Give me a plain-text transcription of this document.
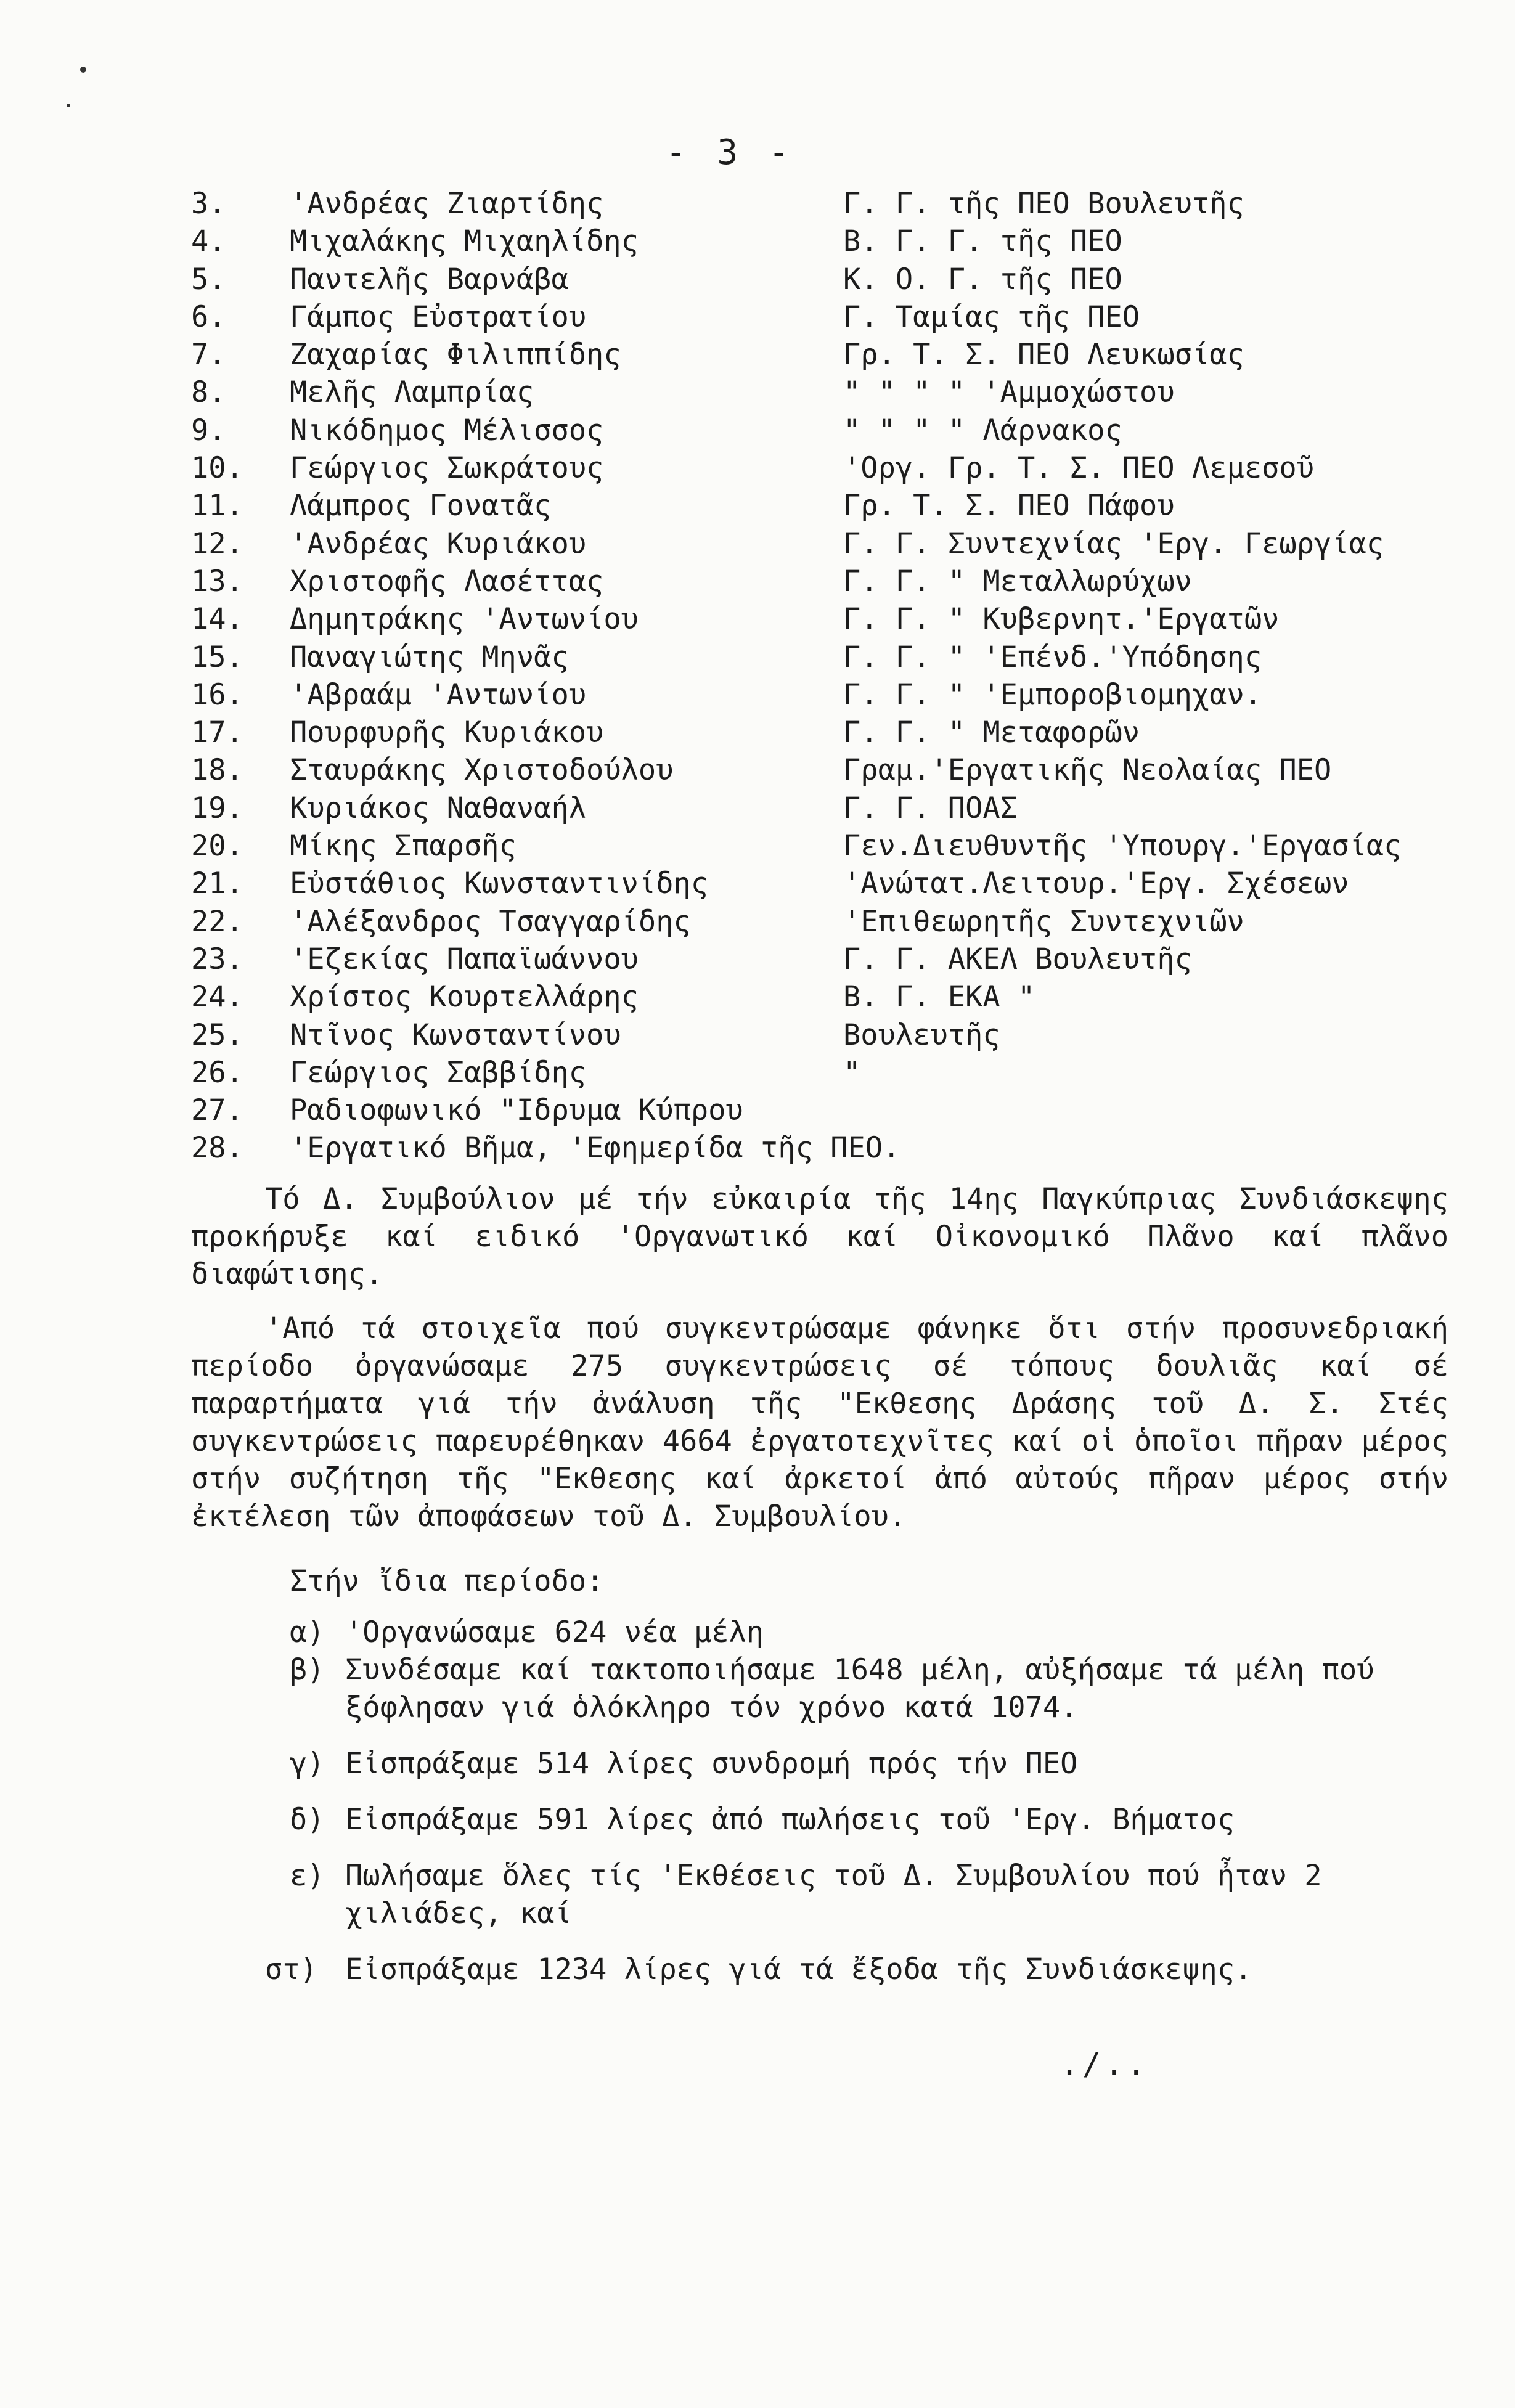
- 3 -
3.	'Ανδρέας Ζιαρτίδης	Γ. Γ. τῆς ΠΕΟ Βουλευτῆς
4.	Μιχαλάκης Μιχαηλίδης	Β. Γ. Γ. τῆς ΠΕΟ
5.	Παντελῆς Βαρνάβα	Κ. Ο. Γ. τῆς ΠΕΟ
6.	Γάμπος Εὐστρατίου	Γ. Ταμίας τῆς ΠΕΟ
7.	Ζαχαρίας Φιλιππίδης	Γρ. Τ. Σ. ΠΕΟ Λευκωσίας
8.	Μελῆς Λαμπρίας	" " " " 'Αμμοχώστου
9.	Νικόδημος Μέλισσος	" " " " Λάρνακος
10.	Γεώργιος Σωκράτους	'Οργ. Γρ. Τ. Σ. ΠΕΟ Λεμεσοῦ
11.	Λάμπρος Γονατᾶς	Γρ. Τ. Σ. ΠΕΟ Πάφου
12.	'Ανδρέας Κυριάκου	Γ. Γ. Συντεχνίας 'Εργ. Γεωργίας
13.	Χριστοφῆς Λασέττας	Γ. Γ. " Μεταλλωρύχων
14.	Δημητράκης 'Αντωνίου	Γ. Γ. " Κυβερνητ.'Εργατῶν
15.	Παναγιώτης Μηνᾶς	Γ. Γ. " 'Επένδ.'Υπόδησης
16.	'Αβραάμ 'Αντωνίου	Γ. Γ. " 'Εμποροβιομηχαν.
17.	Πουρφυρῆς Κυριάκου	Γ. Γ. " Μεταφορῶν
18.	Σταυράκης Χριστοδούλου	Γραμ.'Εργατικῆς Νεολαίας ΠΕΟ
19.	Κυριάκος Ναθαναήλ	Γ. Γ. ΠΟΑΣ
20.	Μίκης Σπαρσῆς	Γεν.Διευθυντῆς 'Υπουργ.'Εργασίας
21.	Εὐστάθιος Κωνσταντινίδης	'Ανώτατ.Λειτουρ.'Εργ. Σχέσεων
22.	'Αλέξανδρος Τσαγγαρίδης	'Επιθεωρητῆς Συντεχνιῶν
23.	'Εζεκίας Παπαϊωάννου	Γ. Γ. ΑΚΕΛ Βουλευτῆς
24.	Χρίστος Κουρτελλάρης	Β. Γ. ΕΚΑ "
25.	Ντῖνος Κωνσταντίνου	Βουλευτῆς
26.	Γεώργιος Σαββίδης	"
27.	Ραδιοφωνικό "Ιδρυμα Κύπρου
28.	'Εργατικό Βῆμα, 'Εφημερίδα τῆς ΠΕΟ.

Τό Δ. Συμβούλιον μέ τήν εὐκαιρία τῆς 14ης Παγκύπριας Συνδιάσκεψης προκήρυξε καί ειδικό 'Οργανωτικό καί Οἰκονομικό Πλᾶνο καί πλᾶνο διαφώτισης.

'Από τά στοιχεῖα πού συγκεντρώσαμε φάνηκε ὅτι στήν προσυνεδριακή περίοδο ὀργανώσαμε 275 συγκεντρώσεις σέ τόπους δουλιᾶς καί σέ παραρτήματα γιά τήν ἀνάλυση τῆς "Εκθεσης Δράσης τοῦ Δ. Σ. Στές συγκεντρώσεις παρευρέθηκαν 4664 ἐργατοτεχνῖτες καί οἱ ὁποῖοι πῆραν μέρος στήν συζήτηση τῆς "Εκθεσης καί ἀρκετοί ἀπό αὐτούς πῆραν μέρος στήν ἐκτέλεση τῶν ἀποφάσεων τοῦ Δ. Συμβουλίου.

Στήν ἴδια περίοδο:
α) 'Οργανώσαμε 624 νέα μέλη
β) Συνδέσαμε καί τακτοποιήσαμε 1648 μέλη, αὐξήσαμε τά μέλη πού ξόφλησαν γιά ὁλόκληρο τόν χρόνο κατά 1074.
γ) Εἰσπράξαμε 514 λίρες συνδρομή πρός τήν ΠΕΟ
δ) Εἰσπράξαμε 591 λίρες ἀπό πωλήσεις τοῦ 'Εργ. Βήματος
ε) Πωλήσαμε ὅλες τίς 'Εκθέσεις τοῦ Δ. Συμβουλίου πού ἦταν 2 χιλιάδες, καί
στ) Εἰσπράξαμε 1234 λίρες γιά τά ἔξοδα τῆς Συνδιάσκεψης.
./..
